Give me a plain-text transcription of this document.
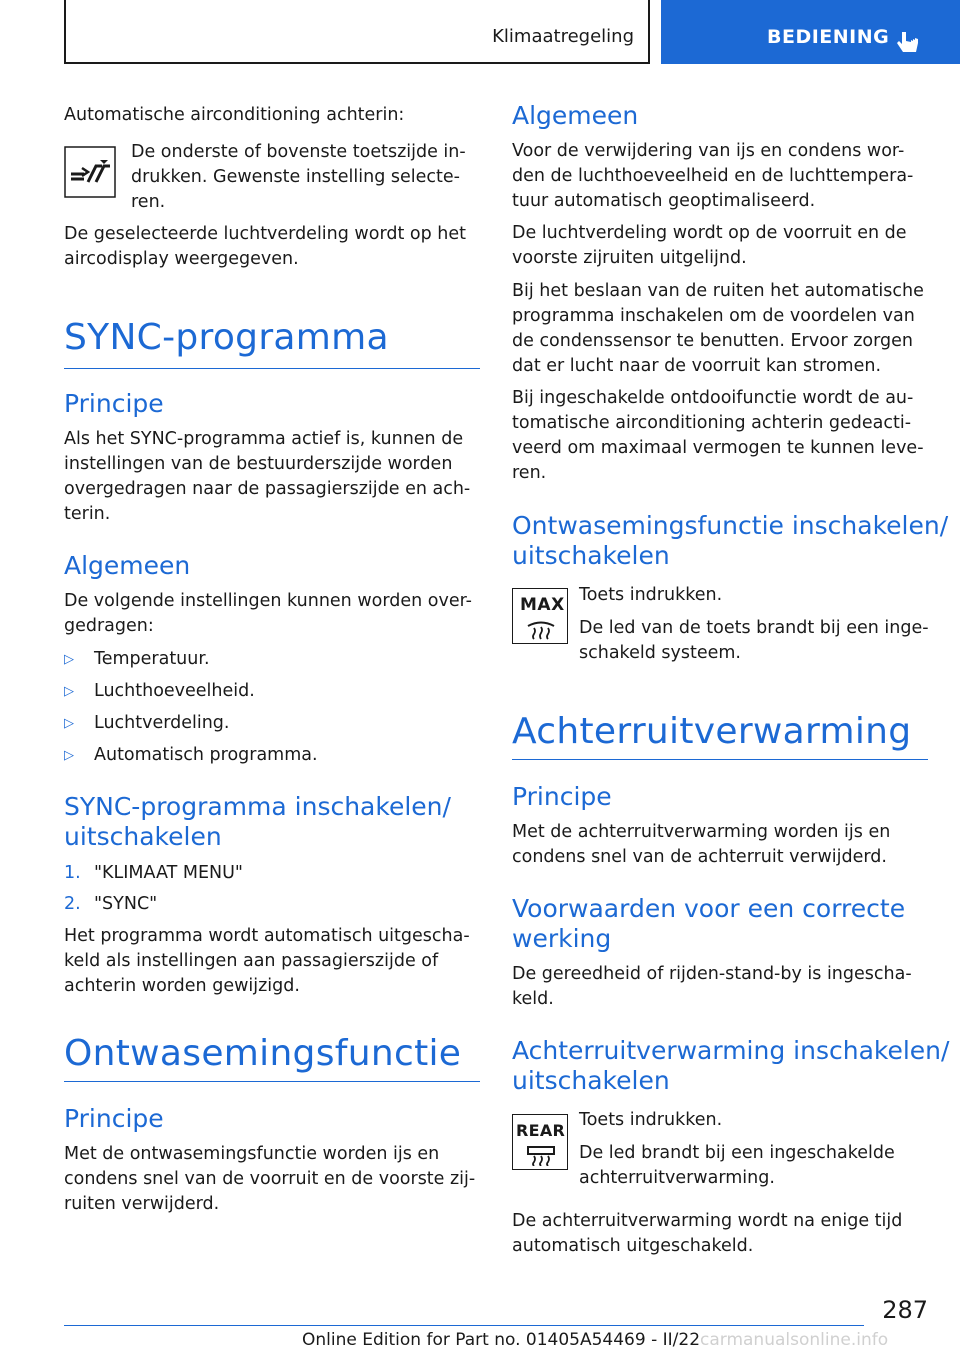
Klimaatregeling	BEDIENING

Automatische airconditioning achterin:

De onderste of bovenste toetszijde in-

drukken. Gewenste instelling selecte-

ren.

De geselecteerde luchtverdeling wordt op het

aircodisplay weergegeven.

SYNC-programma
Principe

Als het SYNC-programma actief is, kunnen de

instellingen van de bestuurderszijde worden

overgedragen naar de passagierszijde en ach-

terin.

Algemeen

De volgende instellingen kunnen worden over-

gedragen:

▷ Temperatuur.
▷ Luchthoeveelheid.
▷ Luchtverdeling.
▷ Automatisch programma.
SYNC-programma inschakelen/
uitschakelen
1. "KLIMAAT MENU"
2. "SYNC"

Het programma wordt automatisch uitgescha-

keld als instellingen aan passagierszijde of

achterin worden gewijzigd.

Ontwasemingsfunctie
Principe

Met de ontwasemingsfunctie worden ijs en

condens snel van de voorruit en de voorste zij-

ruiten verwijderd.

Algemeen

Voor de verwijdering van ijs en condens wor-

den de luchthoeveelheid en de luchttempera-

tuur automatisch geoptimaliseerd.

De luchtverdeling wordt op de voorruit en de

voorste zijruiten uitgelijnd.

Bij het beslaan van de ruiten het automatische

programma inschakelen om de voordelen van

de condenssensor te benutten. Ervoor zorgen

dat er lucht naar de voorruit kan stromen.

Bij ingeschakelde ontdooifunctie wordt de au-

tomatische airconditioning achterin gedeacti-

veerd om maximaal vermogen te kunnen leve-

ren.

Ontwasemingsfunctie inschakelen/
uitschakelen
MAX Toets indrukken.

De led van de toets brandt bij een inge-

schakeld systeem.

Achterruitverwarming
Principe

Met de achterruitverwarming worden ijs en

condens snel van de achterruit verwijderd.

Voorwaarden voor een correcte
werking

De gereedheid of rijden-stand-by is ingescha-

keld.

Achterruitverwarming inschakelen/
uitschakelen
REAR

Toets indrukken.

De led brandt bij een ingeschakelde

achterruitverwarming.

De achterruitverwarming wordt na enige tijd

automatisch uitgeschakeld.

287
Online Edition for Part no. 01405A54469 - II/22 carmanualsonline.info
